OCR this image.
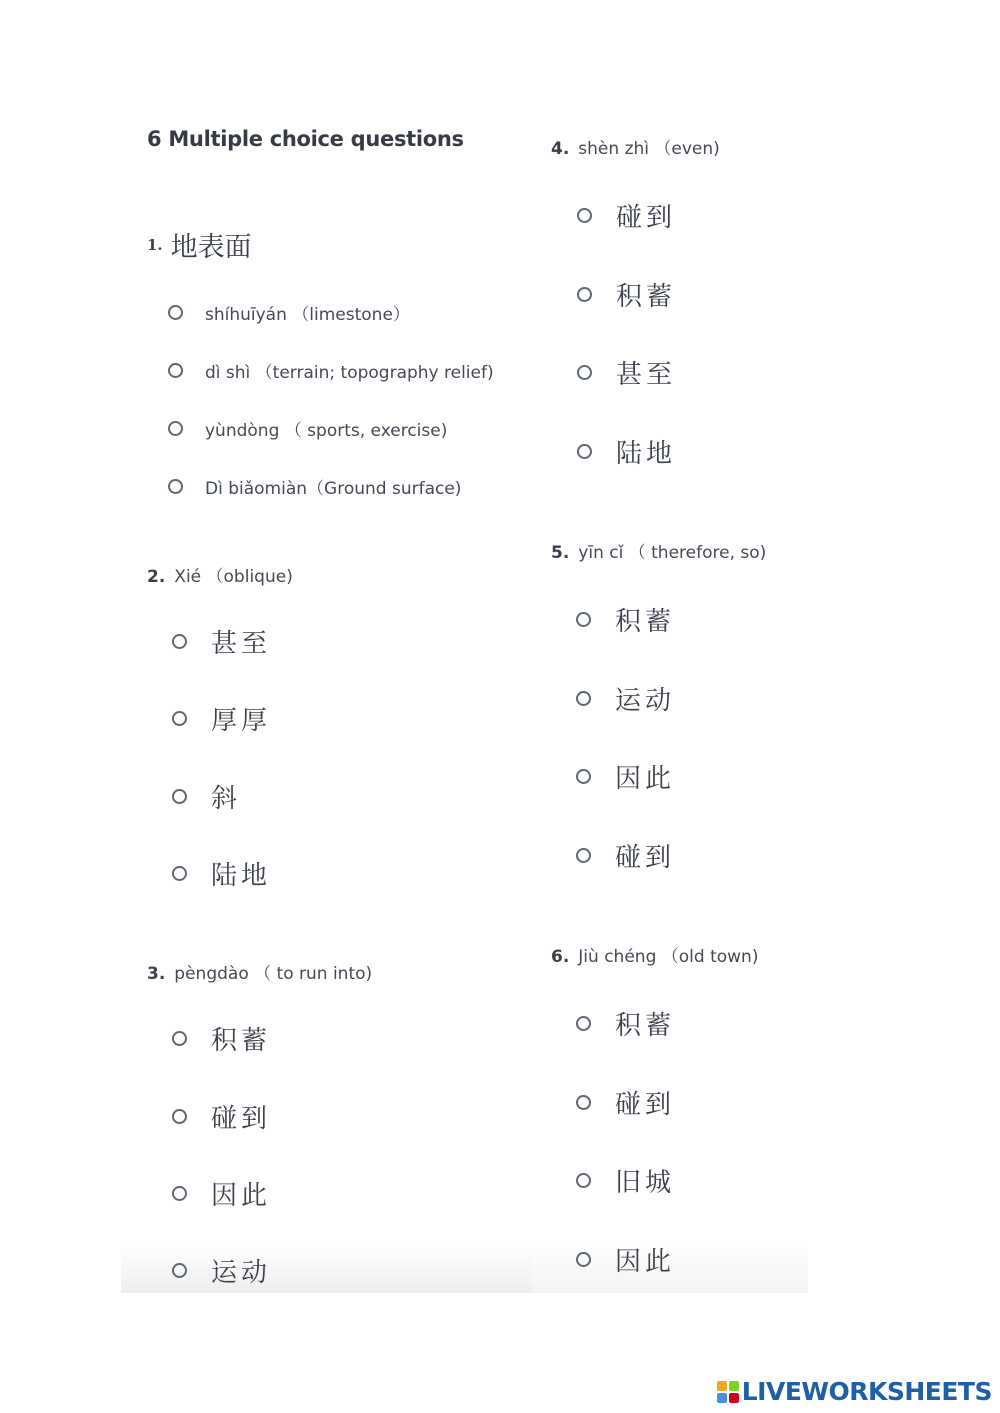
6 Multiple choice questions
$^{1.}$ 地表面
shíhuīyán （limestone）
dì shì （terrain; topography relief)
yùndòng （ sports, exercise)
Dì biǎomiàn（Ground surface)
2. Xié （oblique)
甚至
厚厚
斜
陆地
3. pèngdào （ to run into)
积蓄
碰到
因此
运动
4. shèn zhì （even)
碰到
积蓄
甚至
陆地
5. yīn cǐ （ therefore, so)
积蓄
运动
因此
碰到
6. Jiù chéng （old town)
积蓄
碰到
旧城
因此
LIVEWORKSHEETS
